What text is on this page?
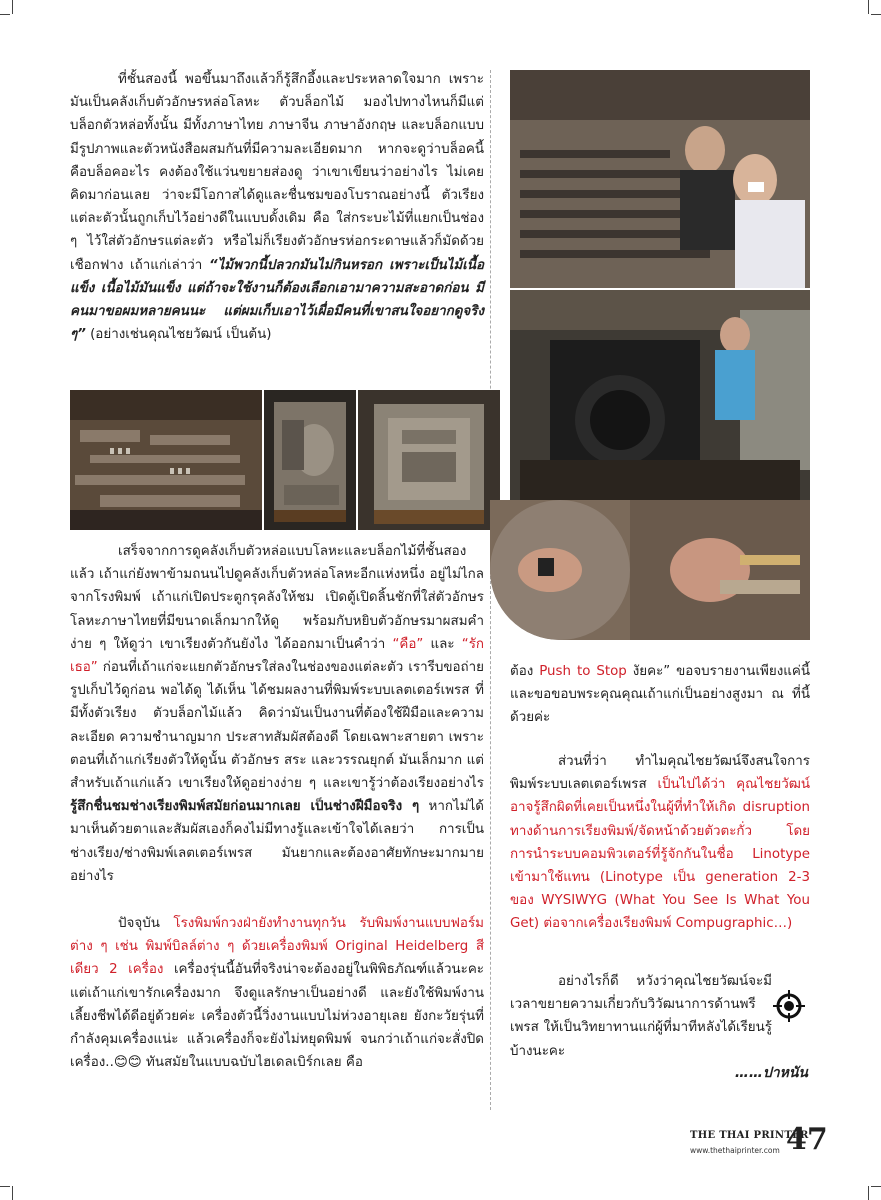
ที่ชั้นสองนี้ พอขึ้นมาถึงแล้วก็รู้สึกอึ้งและประหลาดใจมาก เพราะมันเป็นคลังเก็บตัวอักษรหล่อโลหะ ตัวบล็อกไม้ มองไปทางไหนก็มีแต่บล็อกตัวหล่อทั้งนั้น มีทั้งภาษาไทย ภาษาจีน ภาษาอังกฤษ และบล็อกแบบมีรูปภาพและตัวหนังสือผสมกันที่มีความละเอียดมาก หากจะดูว่าบล็อคนี้คือบล็อคอะไร คงต้องใช้แว่นขยายส่องดู ว่าเขาเขียนว่าอย่างไร ไม่เคยคิดมาก่อนเลย ว่าจะมีโอกาสได้ดูและชื่นชมของโบราณอย่างนี้ ตัวเรียงแต่ละตัวนั้นถูกเก็บไว้อย่างดีในแบบดั้งเดิม คือ ใส่กระบะไม้ที่แยกเป็นช่อง ๆ ไว้ใส่ตัวอักษรแต่ละตัว หรือไม่ก็เรียงตัวอักษรห่อกระดาษแล้วก็มัดด้วยเชือกฟาง เถ้าแก่เล่าว่า “ไม้พวกนี้ปลวกมันไม่กินหรอก เพราะเป็นไม้เนื้อแข็ง เนื้อไม้มันแข็ง แต่ถ้าจะใช้งานก็ต้องเลือกเอามาความสะอาดก่อน มีคนมาขอผมหลายคนนะ แต่ผมเก็บเอาไว้เผื่อมีคนที่เขาสนใจอยากดูจริง ๆ” (อย่างเช่นคุณไชยวัฒน์ เป็นต้น)

เสร็จจากการดูคลังเก็บตัวหล่อแบบโลหะและบล็อกไม้ที่ชั้นสองแล้ว เถ้าแก่ยังพาข้ามถนนไปดูคลังเก็บตัวหล่อโลหะอีกแห่งหนึ่ง อยู่ไม่ไกลจากโรงพิมพ์ เถ้าแก่เปิดประตูกรุคลังให้ชม เปิดตู้เปิดลิ้นชักที่ใส่ตัวอักษรโลหะภาษาไทยที่มีขนาดเล็กมากให้ดู พร้อมกับหยิบตัวอักษรมาผสมคำง่าย ๆ ให้ดูว่า เขาเรียงตัวกันยังไง ได้ออกมาเป็นคำว่า “คือ” และ “รักเธอ” ก่อนที่เถ้าแก่จะแยกตัวอักษรใส่ลงในช่องของแต่ละตัว เรารีบขอถ่ายรูปเก็บไว้ดูก่อน พอได้ดู ได้เห็น ได้ชมผลงานที่พิมพ์ระบบเลตเตอร์เพรส ที่มีทั้งตัวเรียง ตัวบล็อกไม้แล้ว คิดว่ามันเป็นงานที่ต้องใช้ฝีมือและความละเอียด ความชำนาญมาก ประสาทสัมผัสต้องดี โดยเฉพาะสายตา เพราะตอนที่เถ้าแก่เรียงตัวให้ดูนั้น ตัวอักษร สระ และวรรณยุกต์ มันเล็กมาก แต่สำหรับเถ้าแก่แล้ว เขาเรียงให้ดูอย่างง่าย ๆ และเขารู้ว่าต้องเรียงอย่างไร รู้สึกชื่นชมช่างเรียงพิมพ์สมัยก่อนมากเลย เป็นช่างฝีมือจริง ๆ หากไม่ได้มาเห็นด้วยตาและสัมผัสเองก็คงไม่มีทางรู้และเข้าใจได้เลยว่า การเป็นช่างเรียง/ช่างพิมพ์เลตเตอร์เพรส มันยากและต้องอาศัยทักษะมากมายอย่างไร

ปัจจุบัน โรงพิมพ์กวงฝ่ายังทำงานทุกวัน รับพิมพ์งานแบบฟอร์มต่าง ๆ เช่น พิมพ์บิลล์ต่าง ๆ ด้วยเครื่องพิมพ์ Original Heidelberg สีเดียว 2 เครื่อง เครื่องรุ่นนี้อันที่จริงน่าจะต้องอยู่ในพิพิธภัณฑ์แล้วนะคะ แต่เถ้าแก่เขารักเครื่องมาก จึงดูแลรักษาเป็นอย่างดี และยังใช้พิมพ์งานเลี้ยงชีพได้ดีอยู่ด้วยค่ะ เครื่องตัวนี้วิ่งงานแบบไม่ห่วงอายุเลย ยังกะวัยรุ่นที่กำลังคุมเครื่องแน่ะ แล้วเครื่องก็จะยังไม่หยุดพิมพ์ จนกว่าเถ้าแก่จะสั่งปิดเครื่อง..😊😊 ทันสมัยในแบบฉบับไฮเดลเบิร์กเลย คือ

ต้อง Push to Stop งัยคะ” ขอจบรายงานเพียงแค่นี้ และขอขอบพระคุณคุณเถ้าแก่เป็นอย่างสูงมา ณ ที่นี้ด้วยค่ะ

ส่วนที่ว่า ทำไมคุณไชยวัฒน์จึงสนใจการพิมพ์ระบบเลตเตอร์เพรส เป็นไปได้ว่า คุณไชยวัฒน์อาจรู้สึกผิดที่เคยเป็นหนึ่งในผู้ที่ทำให้เกิด disruption ทางด้านการเรียงพิมพ์/จัดหน้าด้วยตัวตะกั่ว โดยการนำระบบคอมพิวเตอร์ที่รู้จักกันในชื่อ Linotype เข้ามาใช้แทน (Linotype เป็น generation 2-3 ของ WYSIWYG (What You See Is What You Get) ต่อจากเครื่องเรียงพิมพ์ Compugraphic…)

อย่างไรก็ดี หวังว่าคุณไชยวัฒน์จะมีเวลาขยายความเกี่ยวกับวิวัฒนาการด้านพรีเพรส ให้เป็นวิทยาทานแก่ผู้ที่มาทีหลังได้เรียนรู้บ้างนะคะ

……ปาหนัน
THE THAI PRINTER
www.thethaiprinter.com 47
